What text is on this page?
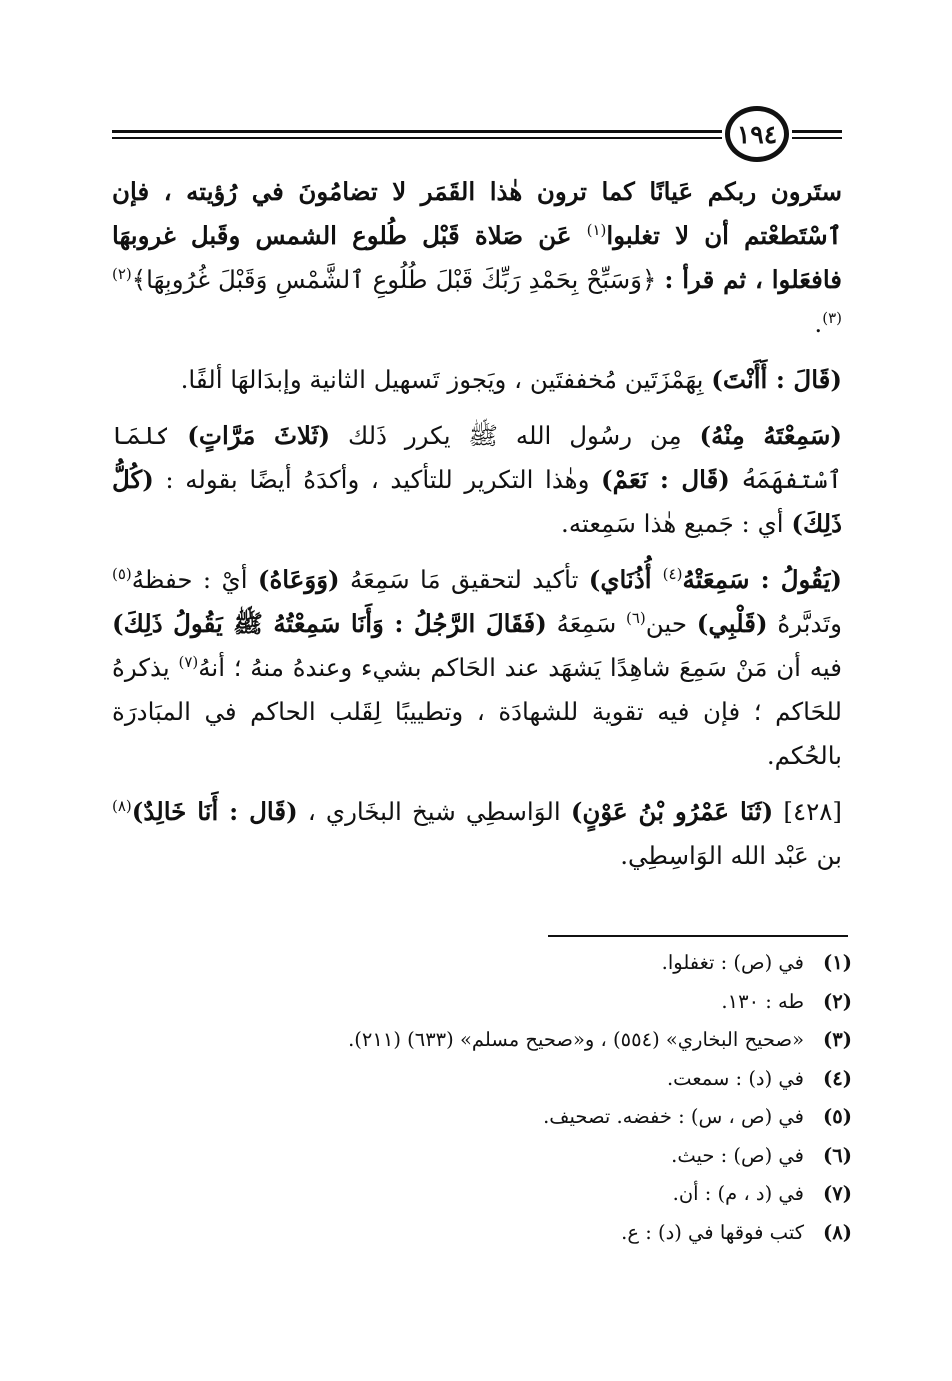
١٩٤

ستَرون ربكم عَيانًا كما ترون هٰذا القَمَر لا تضامُونَ في رُؤيته ، فإن ٱسْتَطعْتم أن لا تغلبوا$^{(١)}$ عَن صَلاة قَبْل طُلوع الشمس وقَبل غروبهَا فافعَلوا ، ثم قرأ : ﴿وَسَبِّحْ بِحَمْدِ رَبِّكَ قَبْلَ طُلُوعِ ٱلشَّمْسِ وَقَبْلَ غُرُوبِهَا﴾$^{(٢)(٣)}$.

(قَالَ : أَأَنْتَ) بِهَمْزَتَين مُخففتَين ، ويَجوز تَسهيل الثانية وإبدَالهَا ألفًا.

(سَمِعْتَهُ مِنْهُ) مِن رسُول الله ﷺ يكرر ذَلك (ثَلاثَ مَرَّاتٍ) كلمَا ٱسْتفهَمَهُ (قَال : نَعَمْ) وهٰذا التكرير للتأكيد ، وأكدَهُ أيضًا بقوله : (كُلُّ ذَلِكَ) أي : جَميع هٰذا سَمِعته.

(يَقُولُ : سَمِعَتْهُ$^{(٤)}$ أُذُنَاي) تأكيد لتحقيق مَا سَمِعَهُ (وَوَعَاهُ) أيْ : حفظهُ$^{(٥)}$ وتَدبَّرهُ (قَلْبِي) حين$^{(٦)}$ سَمِعَهُ (فَقَالَ الرَّجُلُ : وَأَنَا سَمِعْتُهُ ﷺ يَقُولُ ذَلِكَ) فيه أن مَنْ سَمِعَ شاهِدًا يَشهَد عند الحَاكم بشيء وعندهُ منهُ ؛ أنهُ$^{(٧)}$ يذكرهُ للحَاكم ؛ فإن فيه تقوية للشهادَة ، وتطييبًا لِقَلب الحاكم في المبَادرَة بالحُكم.

[٤٢٨] (ثَنَا عَمْرُو بْنُ عَوْنٍ) الوَاسطِي شيخ البخَاري ، (قَال : أَنَا خَالِدٌ)$^{(٨)}$ بن عَبْد الله الوَاسِطِي.

(١)
في (ص) : تغفلوا.
(٢)
طه : ١٣٠.
(٣)
«صحيح البخاري» (٥٥٤) ، و«صحيح مسلم» (٦٣٣) (٢١١).
(٤)
في (د) : سمعت.
(٥)
في (ص ، س) : خفضه. تصحيف.
(٦)
في (ص) : حيث.
(٧)
في (د ، م) : أن.
(٨)
كتب فوقها في (د) : ع.
